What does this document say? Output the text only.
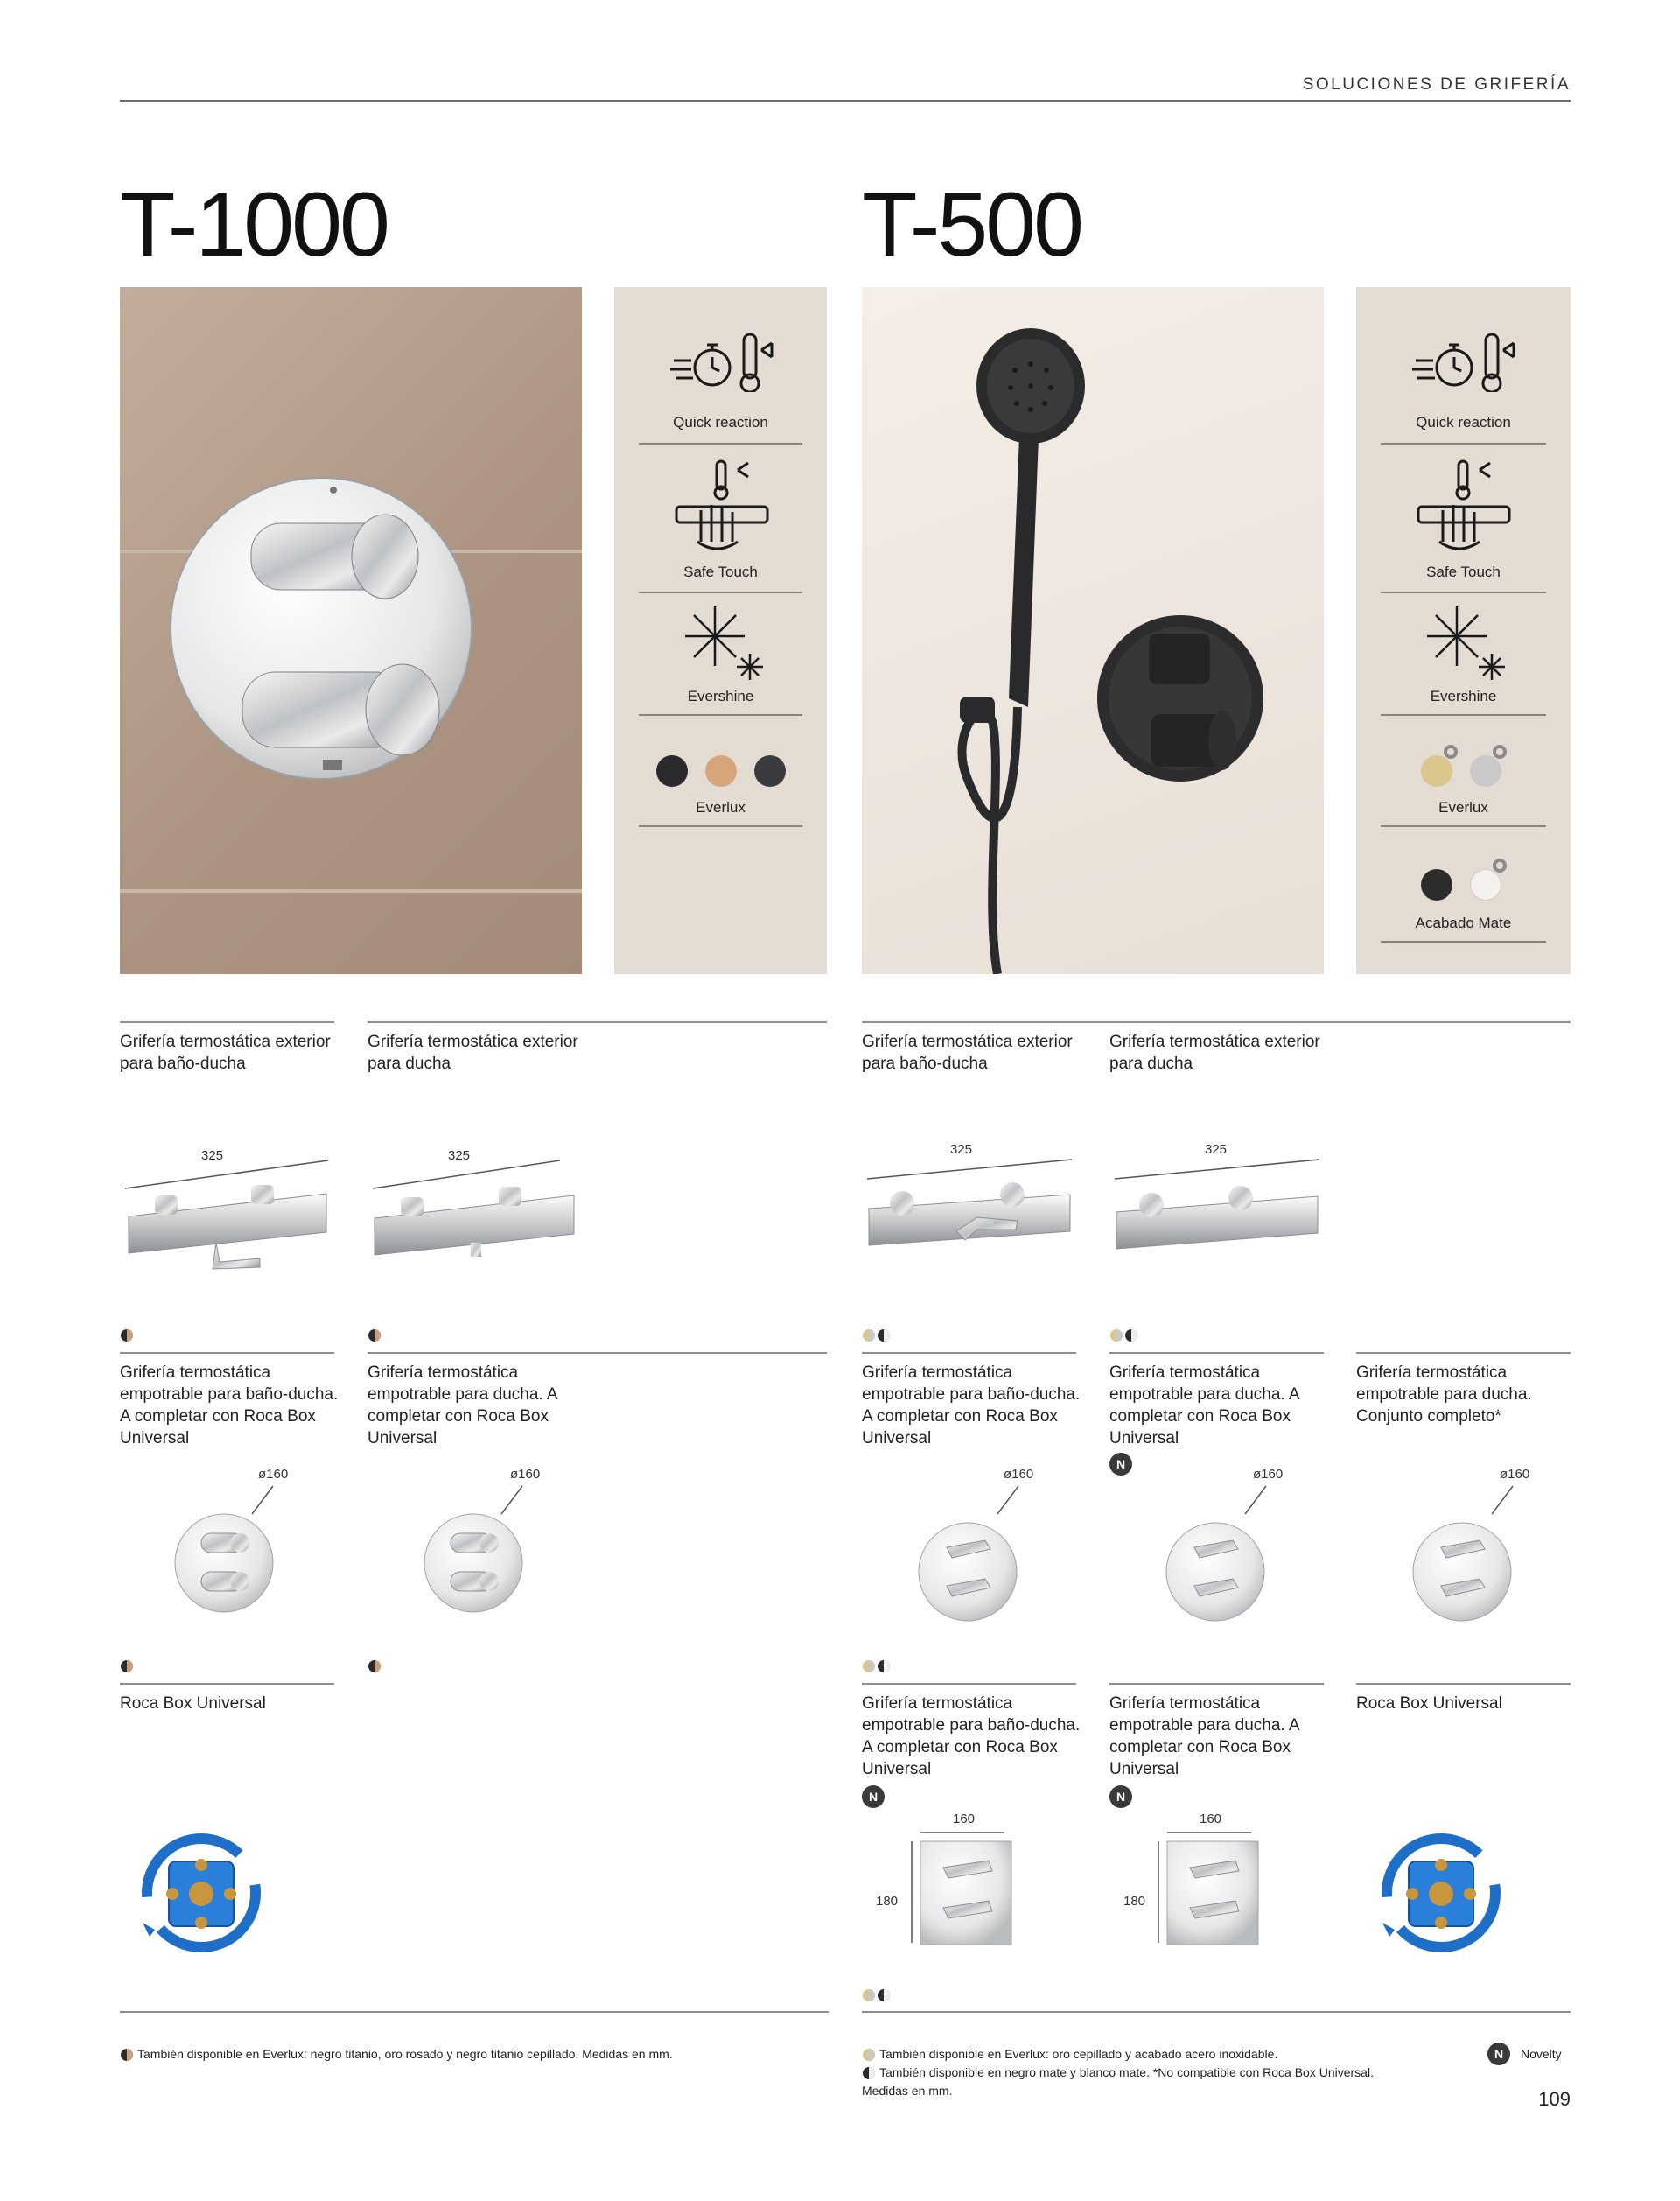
SOLUCIONES DE GRIFERÍA
T-1000	T-500
Quick reaction
Safe Touch
Evershine
Everlux
Quick reaction
Safe Touch
Evershine
Everlux
Acabado Mate
Grifería termostática exterior para baño-ducha
Grifería termostática exterior para ducha
Grifería termostática exterior para baño-ducha
Grifería termostática exterior para ducha
325	325	325	325
Grifería termostática empotrable para baño-ducha. A completar con Roca Box Universal
Grifería termostática empotrable para ducha. A completar con Roca Box Universal
Grifería termostática empotrable para baño-ducha. A completar con Roca Box Universal
Grifería termostática empotrable para ducha. A completar con Roca Box Universal
Grifería termostática empotrable para ducha. Conjunto completo*
N
ø160	ø160	ø160	ø160	ø160
Roca Box Universal	Grifería termostática empotrable para baño-ducha. A completar con Roca Box Universal
Grifería termostática empotrable para ducha. A completar con Roca Box Universal
Roca Box Universal
N	N
160
180
160
180
También disponible en Everlux: negro titanio, oro rosado y negro titanio cepillado. Medidas en mm.	También disponible en Everlux: oro cepillado y acabado acero inoxidable.
También disponible en negro mate y blanco mate. *No compatible con Roca Box Universal.
Medidas en mm.
N	Novelty
109
